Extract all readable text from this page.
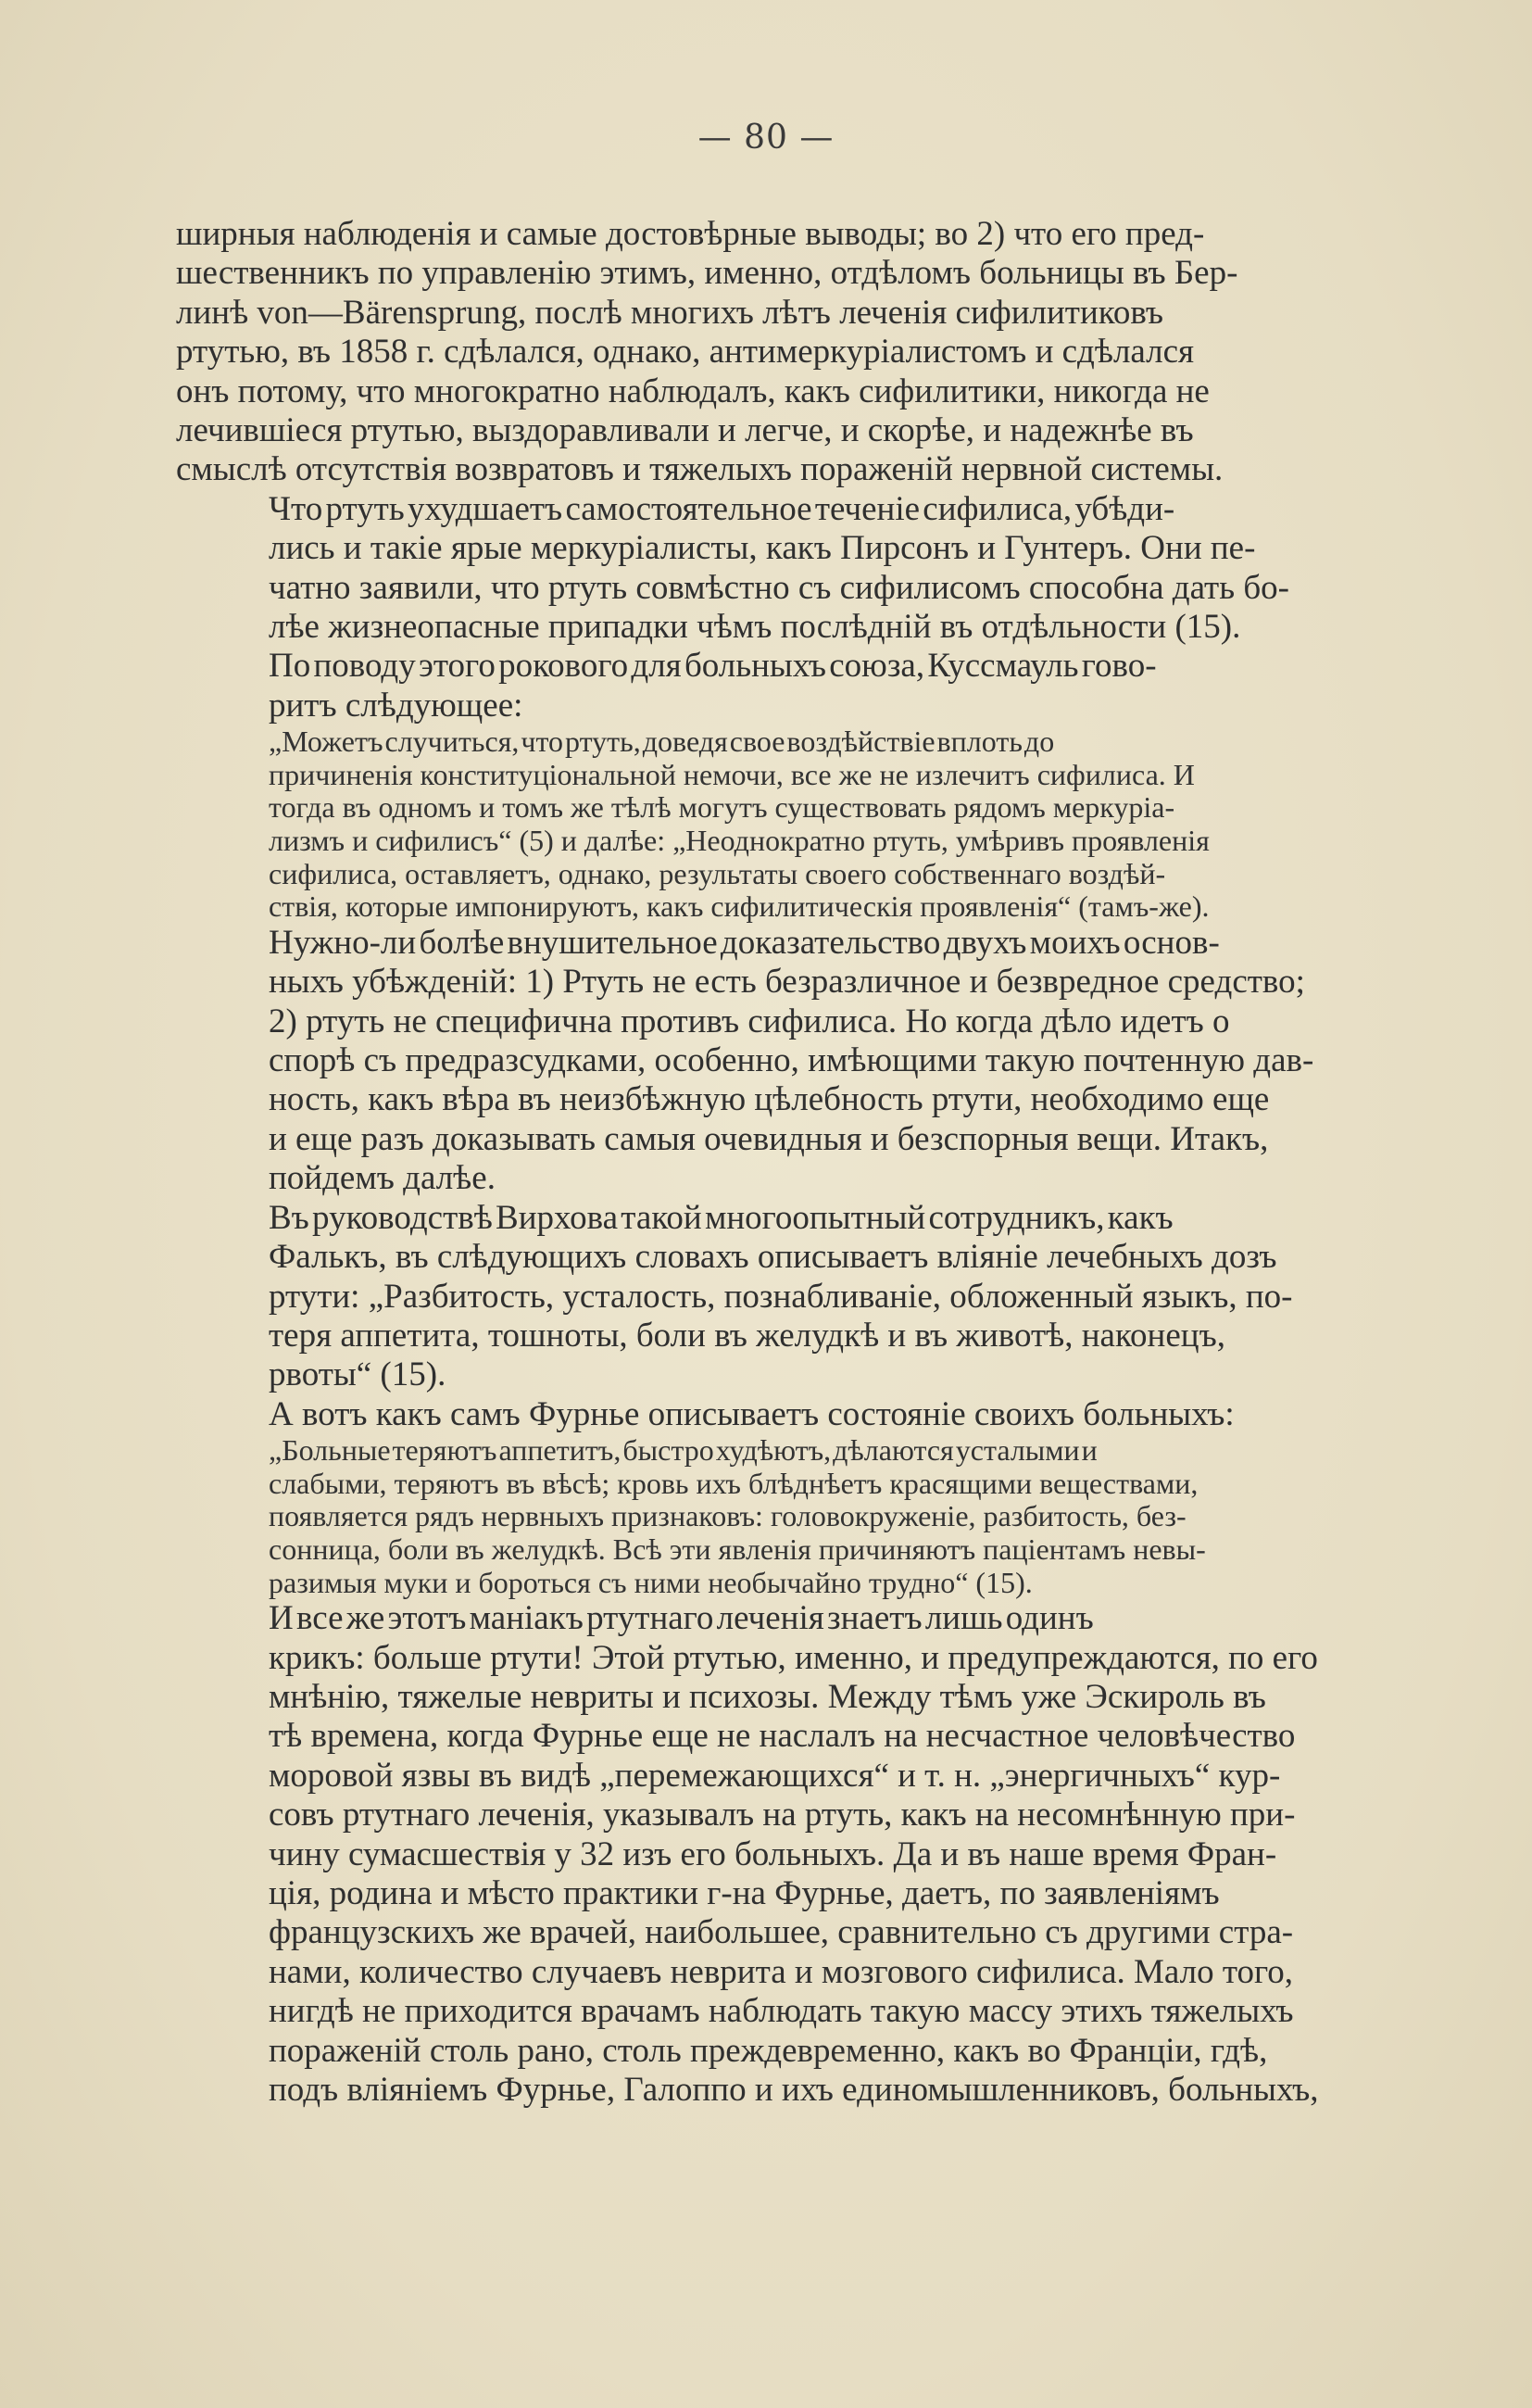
— 80 —

ширныя наблюденія и самые достовѣрные выводы; во 2) что его пред-
шественникъ по управленію этимъ, именно, отдѣломъ больницы въ Бер-
линѣ von—Bärensprung, послѣ многихъ лѣтъ леченія сифилитиковъ
ртутью, въ 1858 г. сдѣлался, однако, антимеркуріалистомъ и сдѣлался
онъ потому, что многократно наблюдалъ, какъ сифилитики, никогда не
лечившіеся ртутью, выздоравливали и легче, и скорѣе, и надежнѣе въ
смыслѣ отсутствія возвратовъ и тяжелыхъ пораженій нервной системы.

Что ртуть ухудшаетъ самостоятельное теченіе сифилиса, убѣди-
лись и такіе ярые меркуріалисты, какъ Пирсонъ и Гунтеръ. Они пе-
чатно заявили, что ртуть совмѣстно съ сифилисомъ способна дать бо-
лѣе жизнеопасные припадки чѣмъ послѣдній въ отдѣльности (15).

По поводу этого рокового для больныхъ союза, Куссмауль гово-
ритъ слѣдующее:

„Можетъ случиться, что ртуть, доведя свое воздѣйствіе вплоть до
причиненія конституціональной немочи, все же не излечитъ сифилиса. И
тогда въ одномъ и томъ же тѣлѣ могутъ существовать рядомъ меркуріа-
лизмъ и сифилисъ“ (5) и далѣе: „Неоднократно ртуть, умѣривъ проявленія
сифилиса, оставляетъ, однако, результаты своего собственнаго воздѣй-
ствія, которые импонируютъ, какъ сифилитическія проявленія“ (тамъ-же).

Нужно-ли болѣе внушительное доказательство двухъ моихъ основ-
ныхъ убѣжденій: 1) Ртуть не есть безразличное и безвредное средство;
2) ртуть не специфична противъ сифилиса. Но когда дѣло идетъ о
спорѣ съ предразсудками, особенно, имѣющими такую почтенную дав-
ность, какъ вѣра въ неизбѣжную цѣлебность ртути, необходимо еще
и еще разъ доказывать самыя очевидныя и безспорныя вещи. Итакъ,
пойдемъ далѣе.

Въ руководствѣ Вирхова такой многоопытный сотрудникъ, какъ
Фалькъ, въ слѣдующихъ словахъ описываетъ вліяніе лечебныхъ дозъ
ртути: „Разбитость, усталость, познабливаніе, обложенный языкъ, по-
теря аппетита, тошноты, боли въ желудкѣ и въ животѣ, наконецъ,
рвоты“ (15).

А вотъ какъ самъ Фурнье описываетъ состояніе своихъ больныхъ:

„Больные теряютъ аппетитъ, быстро худѣютъ, дѣлаются усталыми и
слабыми, теряютъ въ вѣсѣ; кровь ихъ блѣднѣетъ красящими веществами,
появляется рядъ нервныхъ признаковъ: головокруженіе, разбитость, без-
сонница, боли въ желудкѣ. Всѣ эти явленія причиняютъ паціентамъ невы-
разимыя муки и бороться съ ними необычайно трудно“ (15).

И все же этотъ маніакъ ртутнаго леченія знаетъ лишь одинъ
крикъ: больше ртути! Этой ртутью, именно, и предупреждаются, по его
мнѣнію, тяжелые невриты и психозы. Между тѣмъ уже Эскироль въ
тѣ времена, когда Фурнье еще не наслалъ на несчастное человѣчество
моровой язвы въ видѣ „перемежающихся“ и т. н. „энергичныхъ“ кур-
совъ ртутнаго леченія, указывалъ на ртуть, какъ на несомнѣнную при-
чину сумасшествія у 32 изъ его больныхъ. Да и въ наше время Фран-
ція, родина и мѣсто практики г-на Фурнье, даетъ, по заявленіямъ
французскихъ же врачей, наибольшее, сравнительно съ другими стра-
нами, количество случаевъ неврита и мозгового сифилиса. Мало того,
нигдѣ не приходится врачамъ наблюдать такую массу этихъ тяжелыхъ
пораженій столь рано, столь преждевременно, какъ во Франціи, гдѣ,
подъ вліяніемъ Фурнье, Галоппо и ихъ единомышленниковъ, больныхъ,
